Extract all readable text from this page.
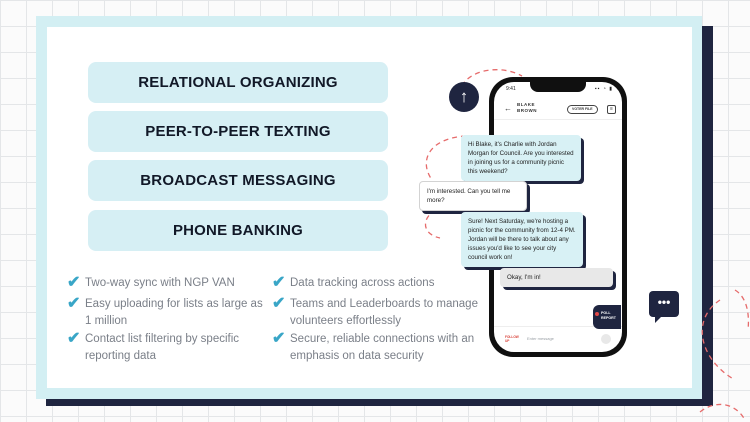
RELATIONAL ORGANIZING
PEER-TO-PEER TEXTING
BROADCAST MESSAGING
PHONE BANKING
✔ Two-way sync with NGP VAN ✔ Data tracking across actions
✔ Easy uploading for lists as large as 1 million
✔ Teams and Leaderboards to manage volunteers effortlessly
✔ Contact list filtering by specific reporting data
✔ Secure, reliable connections with an emphasis on data security
↑	9:41	▪▪ ◔ ▮
← BLAKE BROWN	VOTER FILE	≡
FOLLOW UP	Enter message
Hi Blake, it's Charlie with Jordan Morgan for Council. Are you interested in joining us for a community picnic this weekend?
I'm interested. Can you tell me more?
Sure! Next Saturday, we're hosting a picnic for the community from 12-4 PM. Jordan will be there to talk about any issues you'd like to see your city council work on!
Okay, I'm in!
POLL REPORT
•••
